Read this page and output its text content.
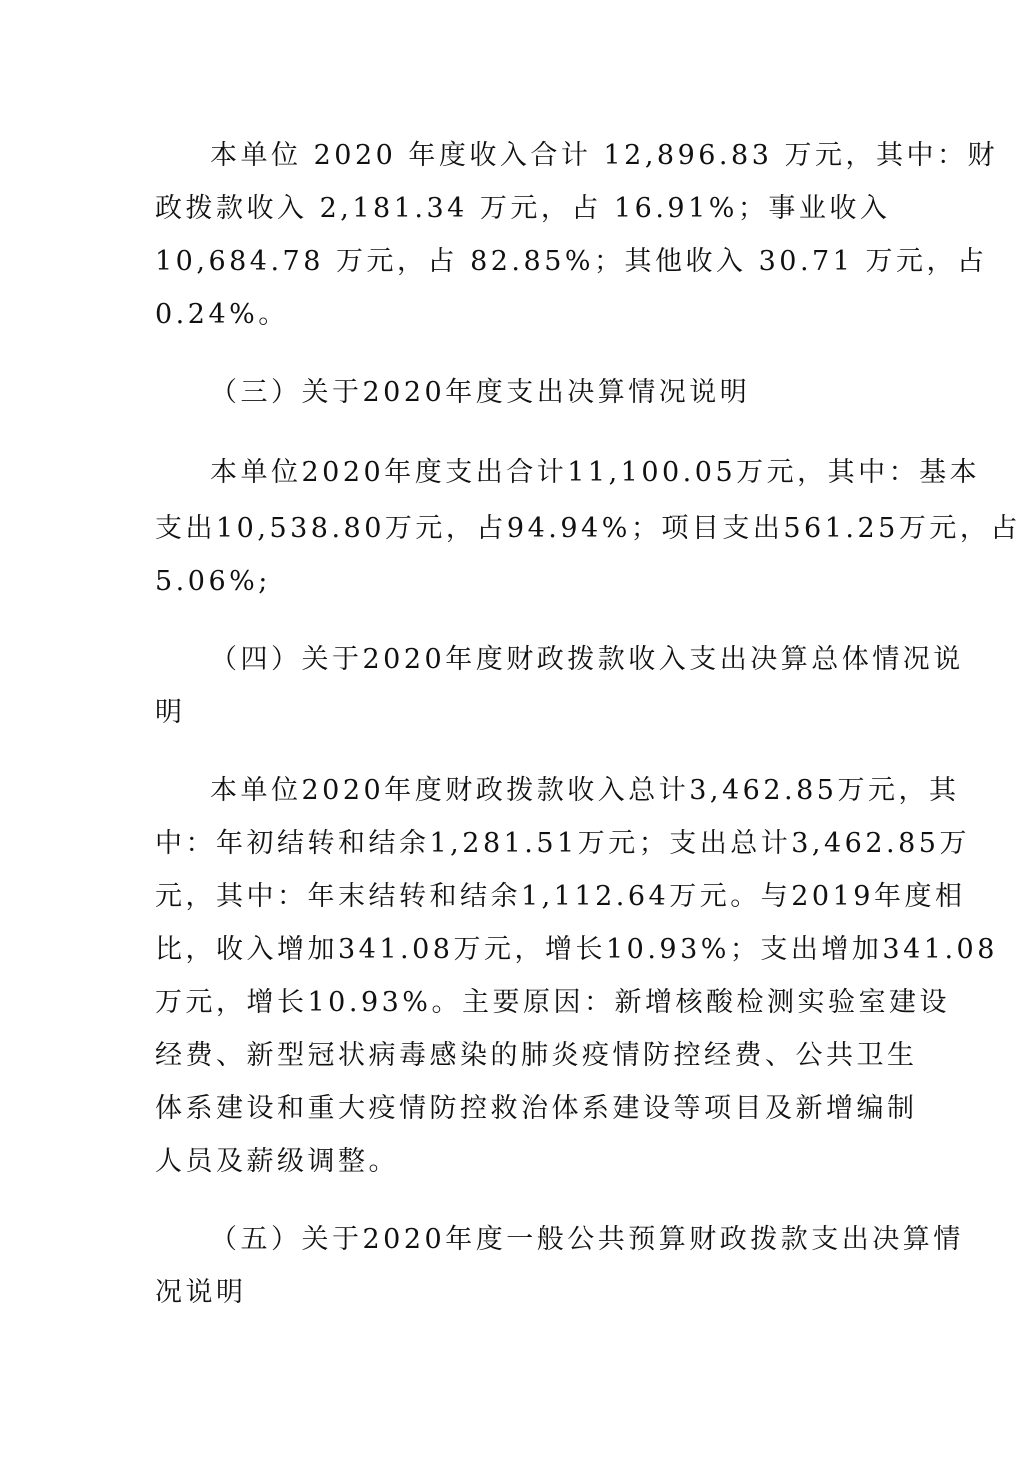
本单位 2020 年度收入合计 12,896.83 万元，其中：财
政拨款收入 2,181.34 万元，占 16.91%；事业收入
10,684.78 万元，占 82.85%；其他收入 30.71 万元，占
0.24%。
（三）关于2020年度支出决算情况说明
本单位2020年度支出合计11,100.05万元，其中：基本
支出10,538.80万元，占94.94%；项目支出561.25万元，占
5.06%;
（四）关于2020年度财政拨款收入支出决算总体情况说
明
本单位2020年度财政拨款收入总计3,462.85万元，其
中：年初结转和结余1,281.51万元；支出总计3,462.85万
元，其中：年末结转和结余1,112.64万元。与2019年度相
比，收入增加341.08万元，增长10.93%；支出增加341.08
万元，增长10.93%。主要原因：新增核酸检测实验室建设
经费、新型冠状病毒感染的肺炎疫情防控经费、公共卫生
体系建设和重大疫情防控救治体系建设等项目及新增编制
人员及薪级调整。
（五）关于2020年度一般公共预算财政拨款支出决算情
况说明
